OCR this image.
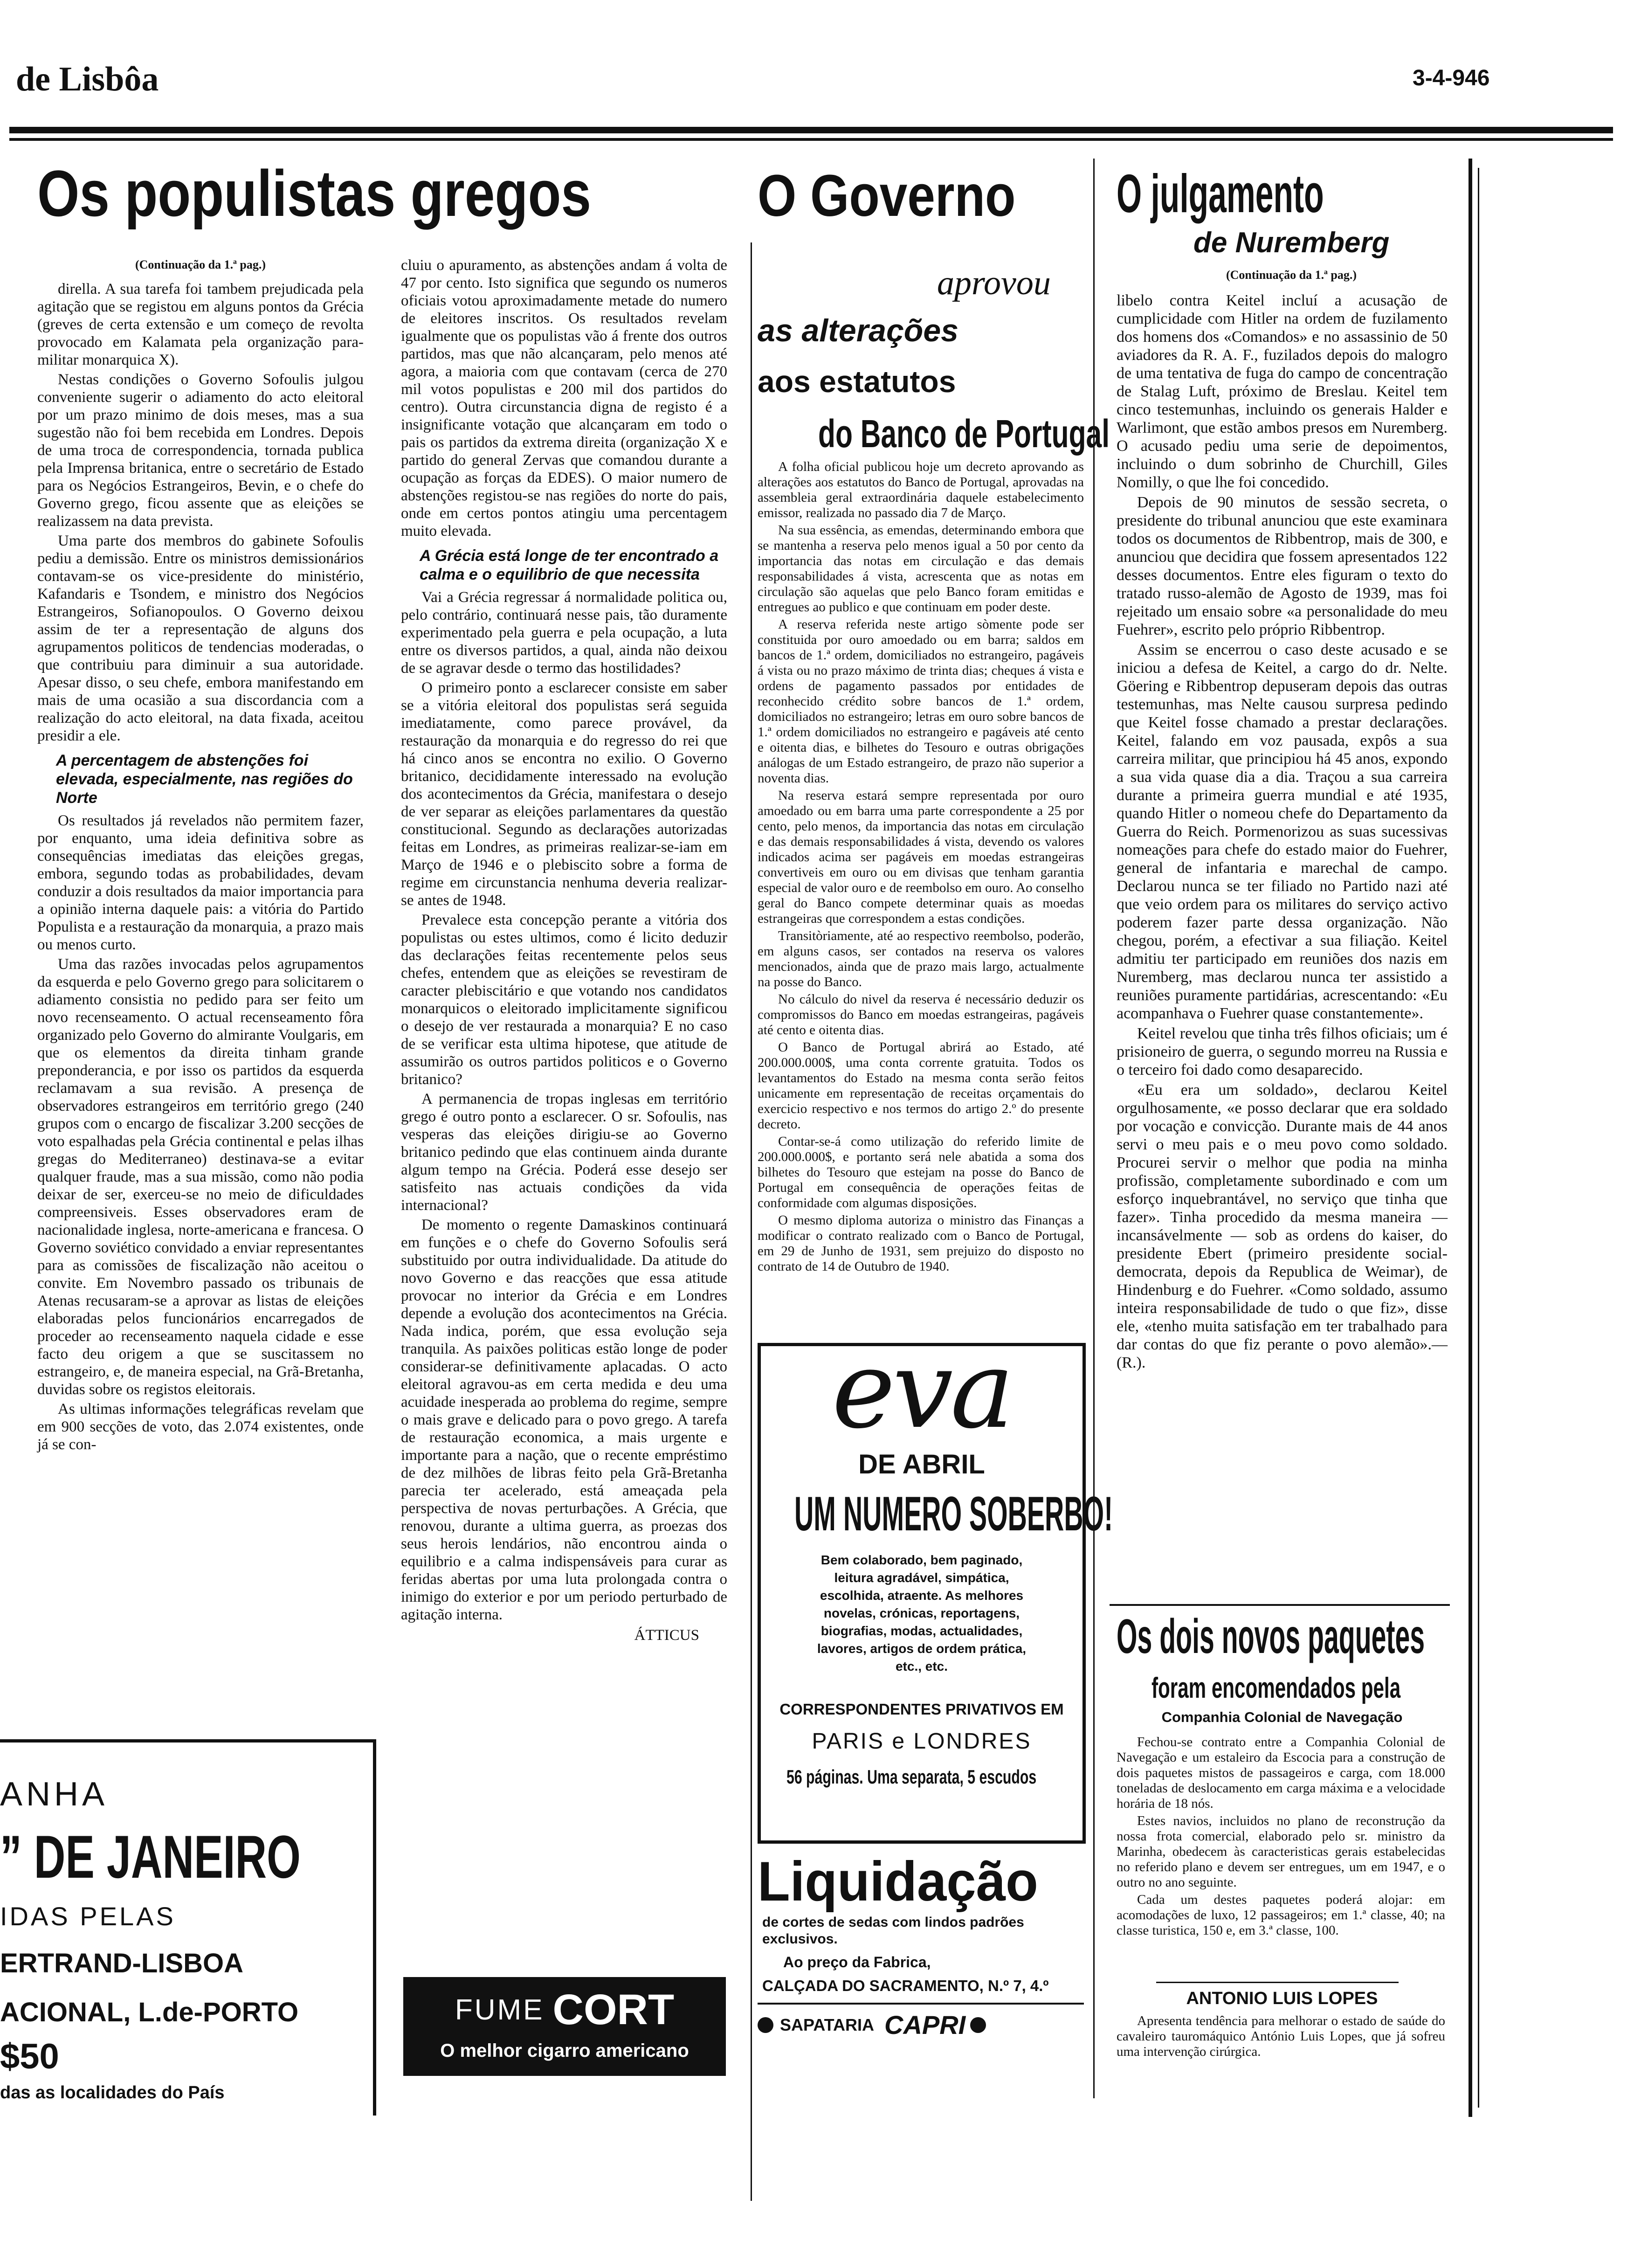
de Lisbôa	3-4-946
Os populistas gregos
(Continuação da 1.ª pag.)

dirella. A sua tarefa foi tambem prejudicada pela agitação que se registou em alguns pontos da Grécia (greves de certa extensão e um começo de revolta provocado em Kalamata pela organização para-militar monarquica X).

Nestas condições o Governo Sofoulis julgou conveniente sugerir o adiamento do acto eleitoral por um prazo minimo de dois meses, mas a sua sugestão não foi bem recebida em Londres. Depois de uma troca de correspondencia, tornada publica pela Imprensa britanica, entre o secretário de Estado para os Negócios Estrangeiros, Bevin, e o chefe do Governo grego, ficou assente que as eleições se realizassem na data prevista.

Uma parte dos membros do gabinete Sofoulis pediu a demissão. Entre os ministros demissionários contavam-se os vice-presidente do ministério, Kafandaris e Tsondem, e ministro dos Negócios Estrangeiros, Sofianopoulos. O Governo deixou assim de ter a representação de alguns dos agrupamentos politicos de tendencias moderadas, o que contribuiu para diminuir a sua autoridade. Apesar disso, o seu chefe, embora manifestando em mais de uma ocasião a sua discordancia com a realização do acto eleitoral, na data fixada, aceitou presidir a ele.

A percentagem de abstenções foi elevada, especialmente, nas regiões do Norte

Os resultados já revelados não permitem fazer, por enquanto, uma ideia definitiva sobre as consequências imediatas das eleições gregas, embora, segundo todas as probabilidades, devam conduzir a dois resultados da maior importancia para a opinião interna daquele pais: a vitória do Partido Populista e a restauração da monarquia, a prazo mais ou menos curto.

Uma das razões invocadas pelos agrupamentos da esquerda e pelo Governo grego para solicitarem o adiamento consistia no pedido para ser feito um novo recenseamento. O actual recenseamento fôra organizado pelo Governo do almirante Voulgaris, em que os elementos da direita tinham grande preponderancia, e por isso os partidos da esquerda reclamavam a sua revisão. A presença de observadores estrangeiros em território grego (240 grupos com o encargo de fiscalizar 3.200 secções de voto espalhadas pela Grécia continental e pelas ilhas gregas do Mediterraneo) destinava-se a evitar qualquer fraude, mas a sua missão, como não podia deixar de ser, exerceu-se no meio de dificuldades compreensiveis. Esses observadores eram de nacionalidade inglesa, norte-americana e francesa. O Governo soviético convidado a enviar representantes para as comissões de fiscalização não aceitou o convite. Em Novembro passado os tribunais de Atenas recusaram-se a aprovar as listas de eleições elaboradas pelos funcionários encarregados de proceder ao recenseamento naquela cidade e esse facto deu origem a que se suscitassem no estrangeiro, e, de maneira especial, na Grã-Bretanha, duvidas sobre os registos eleitorais.

As ultimas informações telegráficas revelam que em 900 secções de voto, das 2.074 existentes, onde já se con-

cluiu o apuramento, as abstenções andam á volta de 47 por cento. Isto significa que segundo os numeros oficiais votou aproximadamente metade do numero de eleitores inscritos. Os resultados revelam igualmente que os populistas vão á frente dos outros partidos, mas que não alcançaram, pelo menos até agora, a maioria com que contavam (cerca de 270 mil votos populistas e 200 mil dos partidos do centro). Outra circunstancia digna de registo é a insignificante votação que alcançaram em todo o pais os partidos da extrema direita (organização X e partido do general Zervas que comandou durante a ocupação as forças da EDES). O maior numero de abstenções registou-se nas regiões do norte do pais, onde em certos pontos atingiu uma percentagem muito elevada.

A Grécia está longe de ter encontrado a calma e o equilibrio de que necessita

Vai a Grécia regressar á normalidade politica ou, pelo contrário, continuará nesse pais, tão duramente experimentado pela guerra e pela ocupação, a luta entre os diversos partidos, a qual, ainda não deixou de se agravar desde o termo das hostilidades?

O primeiro ponto a esclarecer consiste em saber se a vitória eleitoral dos populistas será seguida imediatamente, como parece provável, da restauração da monarquia e do regresso do rei que há cinco anos se encontra no exilio. O Governo britanico, decididamente interessado na evolução dos acontecimentos da Grécia, manifestara o desejo de ver separar as eleições parlamentares da questão constitucional. Segundo as declarações autorizadas feitas em Londres, as primeiras realizar-se-iam em Março de 1946 e o plebiscito sobre a forma de regime em circunstancia nenhuma deveria realizar-se antes de 1948.

Prevalece esta concepção perante a vitória dos populistas ou estes ultimos, como é licito deduzir das declarações feitas recentemente pelos seus chefes, entendem que as eleições se revestiram de caracter plebiscitário e que votando nos candidatos monarquicos o eleitorado implicitamente significou o desejo de ver restaurada a monarquia? E no caso de se verificar esta ultima hipotese, que atitude de assumirão os outros partidos politicos e o Governo britanico?

A permanencia de tropas inglesas em território grego é outro ponto a esclarecer. O sr. Sofoulis, nas vesperas das eleições dirigiu-se ao Governo britanico pedindo que elas continuem ainda durante algum tempo na Grécia. Poderá esse desejo ser satisfeito nas actuais condições da vida internacional?

De momento o regente Damaskinos continuará em funções e o chefe do Governo Sofoulis será substituido por outra individualidade. Da atitude do novo Governo e das reacções que essa atitude provocar no interior da Grécia e em Londres depende a evolução dos acontecimentos na Grécia. Nada indica, porém, que essa evolução seja tranquila. As paixões politicas estão longe de poder considerar-se definitivamente aplacadas. O acto eleitoral agravou-as em certa medida e deu uma acuidade inesperada ao problema do regime, sempre o mais grave e delicado para o povo grego. A tarefa de restauração economica, a mais urgente e importante para a nação, que o recente empréstimo de dez milhões de libras feito pela Grã-Bretanha parecia ter acelerado, está ameaçada pela perspectiva de novas perturbações. A Grécia, que renovou, durante a ultima guerra, as proezas dos seus herois lendários, não encontrou ainda o equilibrio e a calma indispensáveis para curar as feridas abertas por uma luta prolongada contra o inimigo do exterior e por um periodo perturbado de agitação interna.

ÁTTICUS
ANHA
” DE JANEIRO
IDAS PELAS
ERTRAND-LISBOA
ACIONAL, L.de-PORTO
$50
das as localidades do País
FUME CORT
O melhor cigarro americano
O Governo
aprovou
as alterações
aos estatutos
do Banco de Portugal

A folha oficial publicou hoje um decreto aprovando as alterações aos estatutos do Banco de Portugal, aprovadas na assembleia geral extraordinária daquele estabelecimento emissor, realizada no passado dia 7 de Março.

Na sua essência, as emendas, determinando embora que se mantenha a reserva pelo menos igual a 50 por cento da importancia das notas em circulação e das demais responsabilidades á vista, acrescenta que as notas em circulação são aquelas que pelo Banco foram emitidas e entregues ao publico e que continuam em poder deste.

A reserva referida neste artigo sòmente pode ser constituida por ouro amoedado ou em barra; saldos em bancos de 1.ª ordem, domiciliados no estrangeiro, pagáveis á vista ou no prazo máximo de trinta dias; cheques á vista e ordens de pagamento passados por entidades de reconhecido crédito sobre bancos de 1.ª ordem, domiciliados no estrangeiro; letras em ouro sobre bancos de 1.ª ordem domiciliados no estrangeiro e pagáveis até cento e oitenta dias, e bilhetes do Tesouro e outras obrigações análogas de um Estado estrangeiro, de prazo não superior a noventa dias.

Na reserva estará sempre representada por ouro amoedado ou em barra uma parte correspondente a 25 por cento, pelo menos, da importancia das notas em circulação e das demais responsabilidades á vista, devendo os valores indicados acima ser pagáveis em moedas estrangeiras convertiveis em ouro ou em divisas que tenham garantia especial de valor ouro e de reembolso em ouro. Ao conselho geral do Banco compete determinar quais as moedas estrangeiras que correspondem a estas condições.

Transitòriamente, até ao respectivo reembolso, poderão, em alguns casos, ser contados na reserva os valores mencionados, ainda que de prazo mais largo, actualmente na posse do Banco.

No cálculo do nivel da reserva é necessário deduzir os compromissos do Banco em moedas estrangeiras, pagáveis até cento e oitenta dias.

O Banco de Portugal abrirá ao Estado, até 200.000.000$, uma conta corrente gratuita. Todos os levantamentos do Estado na mesma conta serão feitos unicamente em representação de receitas orçamentais do exercicio respectivo e nos termos do artigo 2.º do presente decreto.

Contar-se-á como utilização do referido limite de 200.000.000$, e portanto será nele abatida a soma dos bilhetes do Tesouro que estejam na posse do Banco de Portugal em consequência de operações feitas de conformidade com algumas disposições.

O mesmo diploma autoriza o ministro das Finanças a modificar o contrato realizado com o Banco de Portugal, em 29 de Junho de 1931, sem prejuizo do disposto no contrato de 14 de Outubro de 1940.

eva
DE ABRIL
UM NUMERO SOBERBO!
Bem colaborado, bem paginado, leitura agradável, simpática, escolhida, atraente. As melhores novelas, crónicas, reportagens, biografias, modas, actualidades, lavores, artigos de ordem prática, etc., etc.
CORRESPONDENTES PRIVATIVOS EM
PARIS e LONDRES
56 páginas. Uma separata, 5 escudos
Liquidação
de cortes de sedas com lindos padrões exclusivos.
Ao preço da Fabrica,
CALÇADA DO SACRAMENTO, N.º 7, 4.º
SAPATARIA CAPRI
O julgamento
de Nuremberg
(Continuação da 1.ª pag.)

libelo contra Keitel incluí a acusação de cumplicidade com Hitler na ordem de fuzilamento dos homens dos «Comandos» e no assassinio de 50 aviadores da R. A. F., fuzilados depois do malogro de uma tentativa de fuga do campo de concentração de Stalag Luft, próximo de Breslau. Keitel tem cinco testemunhas, incluindo os generais Halder e Warlimont, que estão ambos presos em Nuremberg. O acusado pediu uma serie de depoimentos, incluindo o dum sobrinho de Churchill, Giles Nomilly, o que lhe foi concedido.

Depois de 90 minutos de sessão secreta, o presidente do tribunal anunciou que este examinara todos os documentos de Ribbentrop, mais de 300, e anunciou que decidira que fossem apresentados 122 desses documentos. Entre eles figuram o texto do tratado russo-alemão de Agosto de 1939, mas foi rejeitado um ensaio sobre «a personalidade do meu Fuehrer», escrito pelo próprio Ribbentrop.

Assim se encerrou o caso deste acusado e se iniciou a defesa de Keitel, a cargo do dr. Nelte. Göering e Ribbentrop depuseram depois das outras testemunhas, mas Nelte causou surpresa pedindo que Keitel fosse chamado a prestar declarações. Keitel, falando em voz pausada, expôs a sua carreira militar, que principiou há 45 anos, expondo a sua vida quase dia a dia. Traçou a sua carreira durante a primeira guerra mundial e até 1935, quando Hitler o nomeou chefe do Departamento da Guerra do Reich. Pormenorizou as suas sucessivas nomeações para chefe do estado maior do Fuehrer, general de infantaria e marechal de campo. Declarou nunca se ter filiado no Partido nazi até que veio ordem para os militares do serviço activo poderem fazer parte dessa organização. Não chegou, porém, a efectivar a sua filiação. Keitel admitiu ter participado em reuniões dos nazis em Nuremberg, mas declarou nunca ter assistido a reuniões puramente partidárias, acrescentando: «Eu acompanhava o Fuehrer quase constantemente».

Keitel revelou que tinha três filhos oficiais; um é prisioneiro de guerra, o segundo morreu na Russia e o terceiro foi dado como desaparecido.

«Eu era um soldado», declarou Keitel orgulhosamente, «e posso declarar que era soldado por vocação e convicção. Durante mais de 44 anos servi o meu pais e o meu povo como soldado. Procurei servir o melhor que podia na minha profissão, completamente subordinado e com um esforço inquebrantável, no serviço que tinha que fazer». Tinha procedido da mesma maneira — incansávelmente — sob as ordens do kaiser, do presidente Ebert (primeiro presidente social-democrata, depois da Republica de Weimar), de Hindenburg e do Fuehrer. «Como soldado, assumo inteira responsabilidade de tudo o que fiz», disse ele, «tenho muita satisfação em ter trabalhado para dar contas do que fiz perante o povo alemão».—(R.).

Os dois novos paquetes
foram encomendados pela
Companhia Colonial de Navegação

Fechou-se contrato entre a Companhia Colonial de Navegação e um estaleiro da Escocia para a construção de dois paquetes mistos de passageiros e carga, com 18.000 toneladas de deslocamento em carga máxima e a velocidade horária de 18 nós.

Estes navios, incluidos no plano de reconstrução da nossa frota comercial, elaborado pelo sr. ministro da Marinha, obedecem às caracteristicas gerais estabelecidas no referido plano e devem ser entregues, um em 1947, e o outro no ano seguinte.

Cada um destes paquetes poderá alojar: em acomodações de luxo, 12 passageiros; em 1.ª classe, 40; na classe turistica, 150 e, em 3.ª classe, 100.

ANTONIO LUIS LOPES

Apresenta tendência para melhorar o estado de saúde do cavaleiro tauromáquico António Luis Lopes, que já sofreu uma intervenção cirúrgica.
